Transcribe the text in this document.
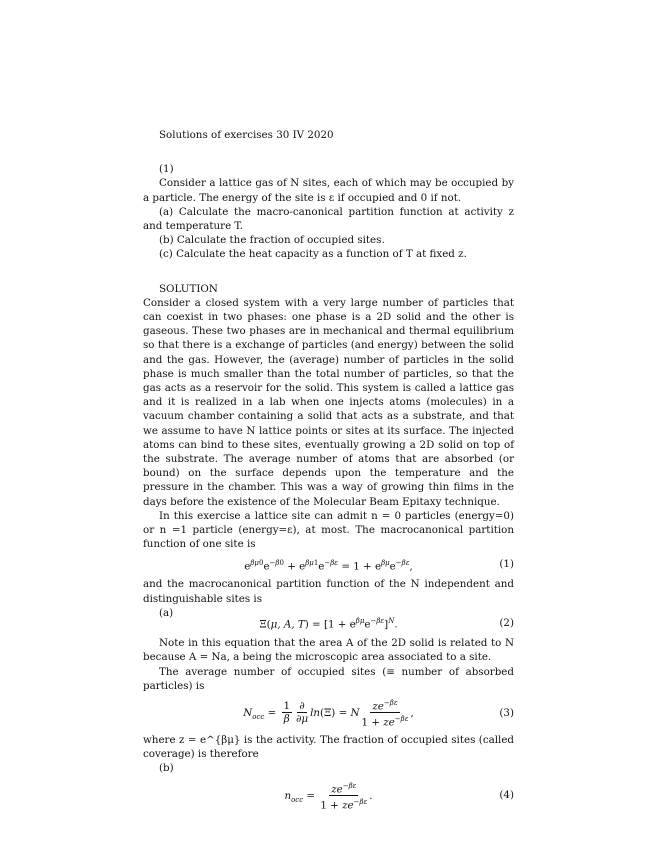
Solutions of exercises 30 IV 2020

(1)

Consider a lattice gas of N sites, each of which may be occupied by a particle. The energy of the site is ε if occupied and 0 if not.

(a) Calculate the macro-canonical partition function at activity z and temperature T.

(b) Calculate the fraction of occupied sites.

(c) Calculate the heat capacity as a function of T at fixed z.

SOLUTION

Consider a closed system with a very large number of particles that can coexist in two phases: one phase is a 2D solid and the other is gaseous. These two phases are in mechanical and thermal equilibrium so that there is a exchange of particles (and energy) between the solid and the gas. However, the (average) number of particles in the solid phase is much smaller than the total number of particles, so that the gas acts as a reservoir for the solid. This system is called a lattice gas and it is realized in a lab when one injects atoms (molecules) in a vacuum chamber containing a solid that acts as a substrate, and that we assume to have N lattice points or sites at its surface. The injected atoms can bind to these sites, eventually growing a 2D solid on top of the substrate. The average number of atoms that are absorbed (or bound) on the surface depends upon the temperature and the pressure in the chamber. This was a way of growing thin films in the days before the existence of the Molecular Beam Epitaxy technique.

In this exercise a lattice site can admit n = 0 particles (energy=0) or n =1 particle (energy=ε), at most. The macrocanonical partition function of one site is

$e^{\beta\mu 0}e^{-\beta 0} + e^{\beta\mu 1}e^{-\beta\varepsilon} = 1 + e^{\beta\mu}e^{-\beta\varepsilon}$,	(1)

and the macrocanonical partition function of the N independent and distinguishable sites is

(a)

Ξ(μ, A, $T) = [1 + e^{\beta\mu}e^{-\beta\varepsilon}]^N$.	(2)

Note in this equation that the area A of the 2D solid is related to N because A = Na, a being the microscopic area associated to a site.

The average number of occupied sites (≡ number of absorbed particles) is

$N_{occ} = \frac{1}{\beta} \frac{\partial}{\partial\mu} \ln(\Xi) = N \frac{ze^{-\beta\varepsilon}}{1 + ze^{-\beta\varepsilon}}$ ,	(3)

where z = e^{βμ} is the activity. The fraction of occupied sites (called coverage) is therefore

(b)

$n_{occ} = \frac{ze^{-\beta\varepsilon}}{1 + ze^{-\beta\varepsilon}}$ .	(4)
